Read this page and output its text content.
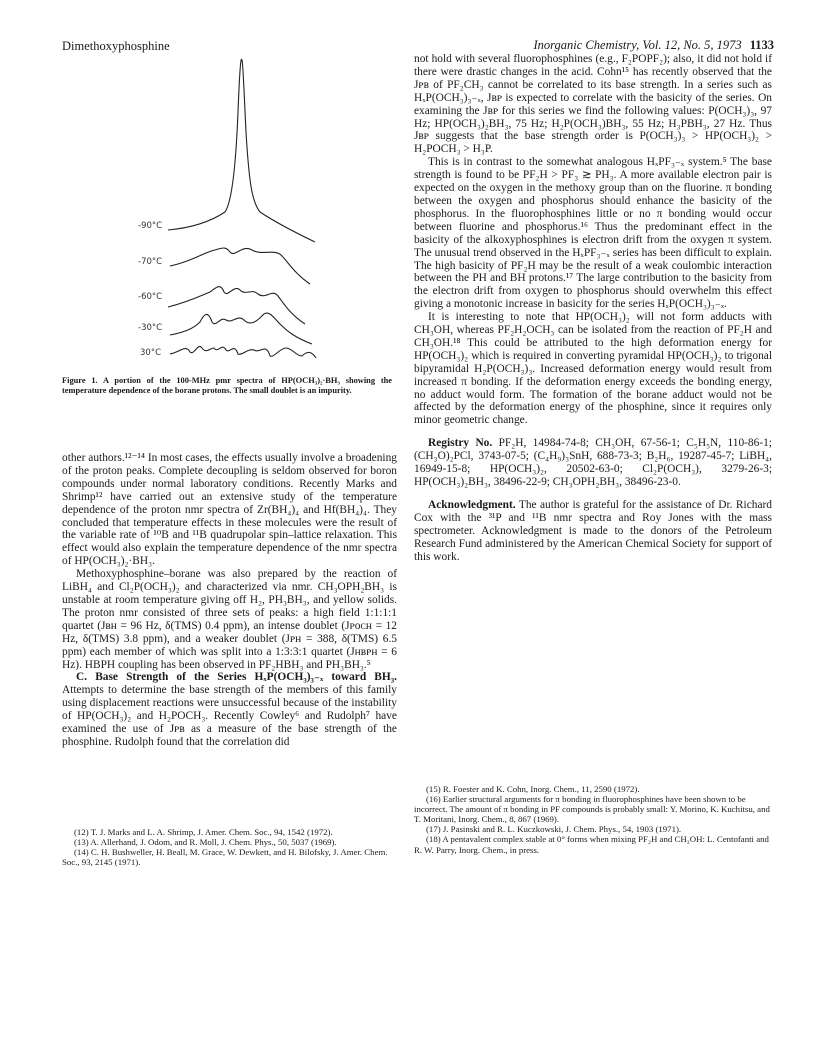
Dimethoxyphosphine	Inorganic Chemistry, Vol. 12, No. 5, 1973 1133
-90°C
-70°C
-60°C
-30°C
30°C
Figure 1. A portion of the 100-MHz pmr spectra of HP(OCH₃)₂·BH₃ showing the temperature dependence of the borane protons. The small doublet is an impurity.

other authors.¹²⁻¹⁴ In most cases, the effects usually involve a broadening of the proton peaks. Complete decoupling is seldom observed for boron compounds under normal laboratory conditions. Recently Marks and Shrimp¹² have carried out an extensive study of the temperature dependence of the proton nmr spectra of Zr(BH₄)₄ and Hf(BH₄)₄. They concluded that temperature effects in these molecules were the result of the variable rate of ¹⁰B and ¹¹B quadrupolar spin–lattice relaxation. This effect would also explain the temperature dependence of the nmr spectra of HP(OCH₃)₂·BH₃.

Methoxyphosphine–borane was also prepared by the reaction of LiBH₄ and Cl₂P(OCH₃)₂ and characterized via nmr. CH₃OPH₂BH₃ is unstable at room temperature giving off H₂, PH₃BH₃, and yellow solids. The proton nmr consisted of three sets of peaks: a high field 1:1:1:1 quartet (Jʙʜ = 96 Hz, δ(TMS) 0.4 ppm), an intense doublet (Jᴘᴏᴄʜ = 12 Hz, δ(TMS) 3.8 ppm), and a weaker doublet (Jᴘʜ = 388, δ(TMS) 6.5 ppm) each member of which was split into a 1:3:3:1 quartet (Jʜʙᴘʜ = 6 Hz). HBPH coupling has been observed in PF₂HBH₃ and PH₃BH₃.⁵

C. Base Strength of the Series HₓP(OCH₃)₃₋ₓ toward BH₃. Attempts to determine the base strength of the members of this family using displacement reactions were unsuccessful because of the instability of HP(OCH₃)₂ and H₂POCH₃. Recently Cowley⁶ and Rudolph⁷ have examined the use of Jᴘʙ as a measure of the base strength of the phosphine. Rudolph found that the correlation did

(12) T. J. Marks and L. A. Shrimp, J. Amer. Chem. Soc., 94, 1542 (1972).

(13) A. Allerhand, J. Odom, and R. Moll, J. Chem. Phys., 50, 5037 (1969).

(14) C. H. Bushweller, H. Beall, M. Grace, W. Dewkett, and H. Bilofsky, J. Amer. Chem. Soc., 93, 2145 (1971).

not hold with several fluorophosphines (e.g., F₂POPF₂); also, it did not hold if there were drastic changes in the acid. Cohn¹⁵ has recently observed that the Jᴘʙ of PF₂CH₃ cannot be correlated to its base strength. In a series such as HₓP(OCH₃)₃₋ₓ, Jʙᴘ is expected to correlate with the basicity of the series. On examining the Jʙᴘ for this series we find the following values: P(OCH₃)₃, 97 Hz; HP(OCH₃)₂BH₃, 75 Hz; H₂P(OCH₃)BH₃, 55 Hz; H₃PBH₃, 27 Hz. Thus Jʙᴘ suggests that the base strength order is P(OCH₃)₃ > HP(OCH₃)₂ > H₂POCH₃ > H₃P.

This is in contrast to the somewhat analogous HₓPF₃₋ₓ system.⁵ The base strength is found to be PF₂H > PF₃ ≳ PH₃. A more available electron pair is expected on the oxygen in the methoxy group than on the fluorine. π bonding between the oxygen and phosphorus should enhance the basicity of the phosphorus. In the fluorophosphines little or no π bonding would occur between fluorine and phosphorus.¹⁶ Thus the predominant effect in the basicity of the alkoxyphosphines is electron drift from the oxygen π system. The unusual trend observed in the HₓPF₃₋ₓ series has been difficult to explain. The high basicity of PF₂H may be the result of a weak coulombic interaction between the PH and BH protons.¹⁷ The large contribution to the basicity from the electron drift from oxygen to phosphorus should overwhelm this effect giving a monotonic increase in basicity for the series HₓP(OCH₃)₃₋ₓ.

It is interesting to note that HP(OCH₃)₂ will not form adducts with CH₃OH, whereas PF₂H₂OCH₃ can be isolated from the reaction of PF₂H and CH₃OH.¹⁸ This could be attributed to the high deformation energy for HP(OCH₃)₂ which is required in converting pyramidal HP(OCH₃)₂ to trigonal bipyramidal H₂P(OCH₃)₃. Increased deformation energy would result from increased π bonding. If the deformation energy exceeds the bonding energy, no adduct would form. The formation of the borane adduct would not be affected by the deformation energy of the phosphine, since it requires only minor geometric change.

Registry No. PF₂H, 14984-74-8; CH₃OH, 67-56-1; C₅H₅N, 110-86-1; (CH₃O)₂PCl, 3743-07-5; (C₄H₉)₃SnH, 688-73-3; B₂H₆, 19287-45-7; LiBH₄, 16949-15-8; HP(OCH₃)₂, 20502-63-0; Cl₂P(OCH₃), 3279-26-3; HP(OCH₃)₂BH₃, 38496-22-9; CH₃OPH₂BH₃, 38496-23-0.

Acknowledgment. The author is grateful for the assistance of Dr. Richard Cox with the ³¹P and ¹¹B nmr spectra and Roy Jones with the mass spectrometer. Acknowledgment is made to the donors of the Petroleum Research Fund administered by the American Chemical Society for support of this work.

(15) R. Foester and K. Cohn, Inorg. Chem., 11, 2590 (1972).

(16) Earlier structural arguments for π bonding in fluorophosphines have been shown to be incorrect. The amount of π bonding in PF compounds is probably small: Y. Morino, K. Kuchitsu, and T. Moritani, Inorg. Chem., 8, 867 (1969).

(17) J. Pasinski and R. L. Kuczkowski, J. Chem. Phys., 54, 1903 (1971).

(18) A pentavalent complex stable at 0° forms when mixing PF₂H and CH₃OH: L. Centofanti and R. W. Parry, Inorg. Chem., in press.
